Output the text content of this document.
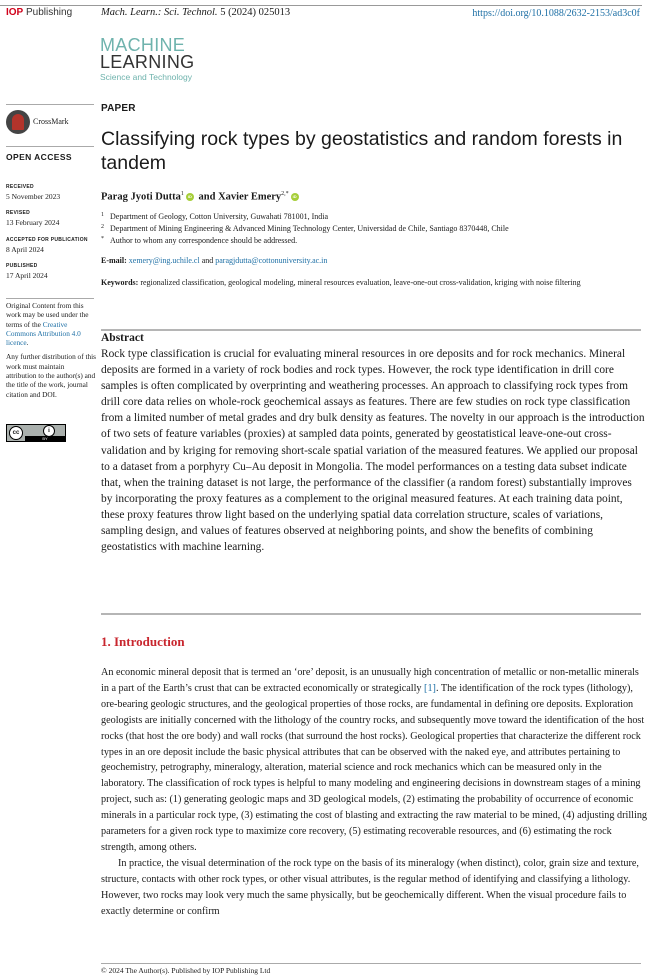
IOP Publishing	Mach. Learn.: Sci. Technol. 5 (2024) 025013	https://doi.org/10.1088/2632-2153/ad3c0f
MACHINE
LEARNING
Science and Technology
CrossMark
OPEN ACCESS
RECEIVED
5 November 2023
REVISED
13 February 2024
ACCEPTED FOR PUBLICATION
8 April 2024
PUBLISHED
17 April 2024

Original Content from this work may be used under the terms of the Creative Commons Attribution 4.0 licence.

Any further distribution of this work must maintain attribution to the author(s) and the title of the work, journal citation and DOI.

cc	i
BY
PAPER
Classifying rock types by geostatistics and random forests in tandem
Parag Jyoti Dutta$^1$ iD and Xavier Emery$^{2,*}$ iD
1 Department of Geology, Cotton University, Guwahati 781001, India
2 Department of Mining Engineering & Advanced Mining Technology Center, Universidad de Chile, Santiago 8370448, Chile
* Author to whom any correspondence should be addressed.
E-mail: xemery@ing.uchile.cl and paragjdutta@cottonuniversity.ac.in
Keywords: regionalized classification, geological modeling, mineral resources evaluation, leave-one-out cross-validation, kriging with noise filtering
Abstract
Rock type classification is crucial for evaluating mineral resources in ore deposits and for rock mechanics. Mineral deposits are formed in a variety of rock bodies and rock types. However, the rock type identification in drill core samples is often complicated by overprinting and weathering processes. An approach to classifying rock types from drill core data relies on whole-rock geochemical assays as features. There are few studies on rock type classification from a limited number of metal grades and dry bulk density as features. The novelty in our approach is the introduction of two sets of feature variables (proxies) at sampled data points, generated by geostatistical leave-one-out cross-validation and by kriging for removing short-scale spatial variation of the measured features. We applied our proposal to a dataset from a porphyry Cu–Au deposit in Mongolia. The model performances on a testing data subset indicate that, when the training dataset is not large, the performance of the classifier (a random forest) substantially improves by incorporating the proxy features as a complement to the original measured features. At each training data point, these proxy features throw light based on the underlying spatial data correlation structure, scales of variations, sampling design, and values of features observed at neighboring points, and show the benefits of combining geostatistics with machine learning.
1. Introduction

An economic mineral deposit that is termed an ‘ore’ deposit, is an unusually high concentration of metallic or non-metallic minerals in a part of the Earth’s crust that can be extracted economically or strategically [1]. The identification of the rock types (lithology), ore-bearing geologic structures, and the geological properties of those rocks, are fundamental in defining ore deposits. Exploration geologists are initially concerned with the lithology of the country rocks, and subsequently move toward the identification of the host rocks (that host the ore body) and wall rocks (that surround the host rocks). Geological properties that characterize the different rock types in an ore deposit include the basic physical attributes that can be observed with the naked eye, and attributes pertaining to geochemistry, petrography, mineralogy, alteration, material science and rock mechanics which can be measured only in the laboratory. The classification of rock types is helpful to many modeling and engineering decisions in downstream stages of a mining project, such as: (1) generating geologic maps and 3D geological models, (2) estimating the probability of occurrence of economic minerals in a particular rock type, (3) estimating the cost of blasting and extracting the raw material to be mined, (4) adjusting drilling parameters for a given rock type to maximize core recovery, (5) estimating recoverable resources, and (6) estimating the rock strength, among others.

In practice, the visual determination of the rock type on the basis of its mineralogy (when distinct), color, grain size and texture, structure, contacts with other rock types, or other visual attributes, is the regular method of identifying and classifying a lithology. However, two rocks may look very much the same physically, but be geochemically different. When the visual procedure fails to exactly determine or confirm

© 2024 The Author(s). Published by IOP Publishing Ltd
